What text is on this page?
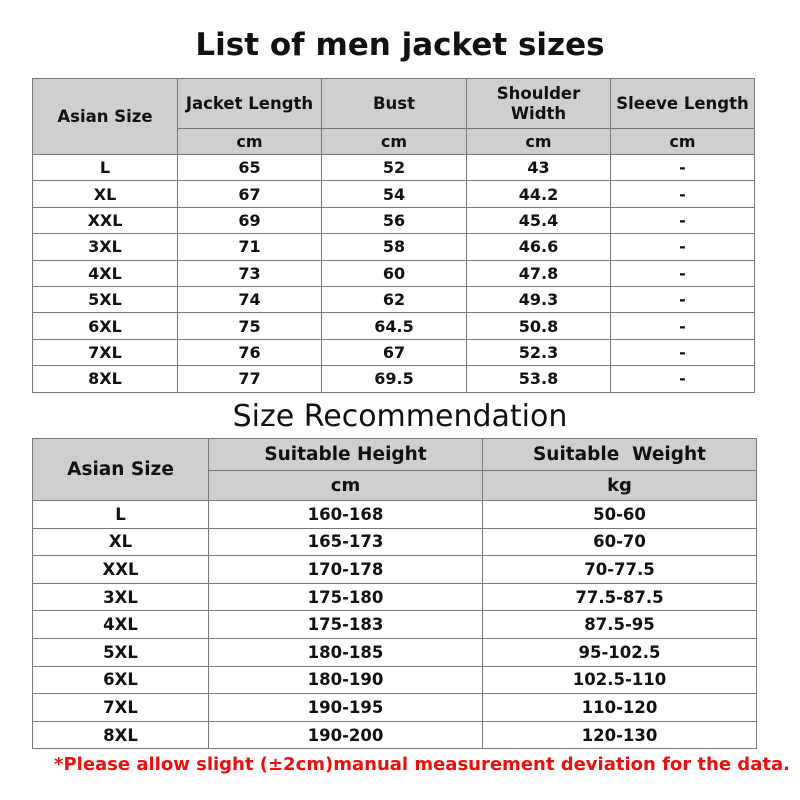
List of men jacket sizes
Asian Size	Jacket Length	Bust	Shoulder Width	Sleeve Length
	cm	cm	cm	cm
L	65	52	43	-
XL	67	54	44.2	-
XXL	69	56	45.4	-
3XL	71	58	46.6	-
4XL	73	60	47.8	-
5XL	74	62	49.3	-
6XL	75	64.5	50.8	-
7XL	76	67	52.3	-
8XL	77	69.5	53.8	-
Size Recommendation
Asian Size	Suitable Height	Suitable  Weight
	cm	kg
L	160-168	50-60
XL	165-173	60-70
XXL	170-178	70-77.5
3XL	175-180	77.5-87.5
4XL	175-183	87.5-95
5XL	180-185	95-102.5
6XL	180-190	102.5-110
7XL	190-195	110-120
8XL	190-200	120-130
*Please allow slight (±2cm)manual measurement deviation for the data.
